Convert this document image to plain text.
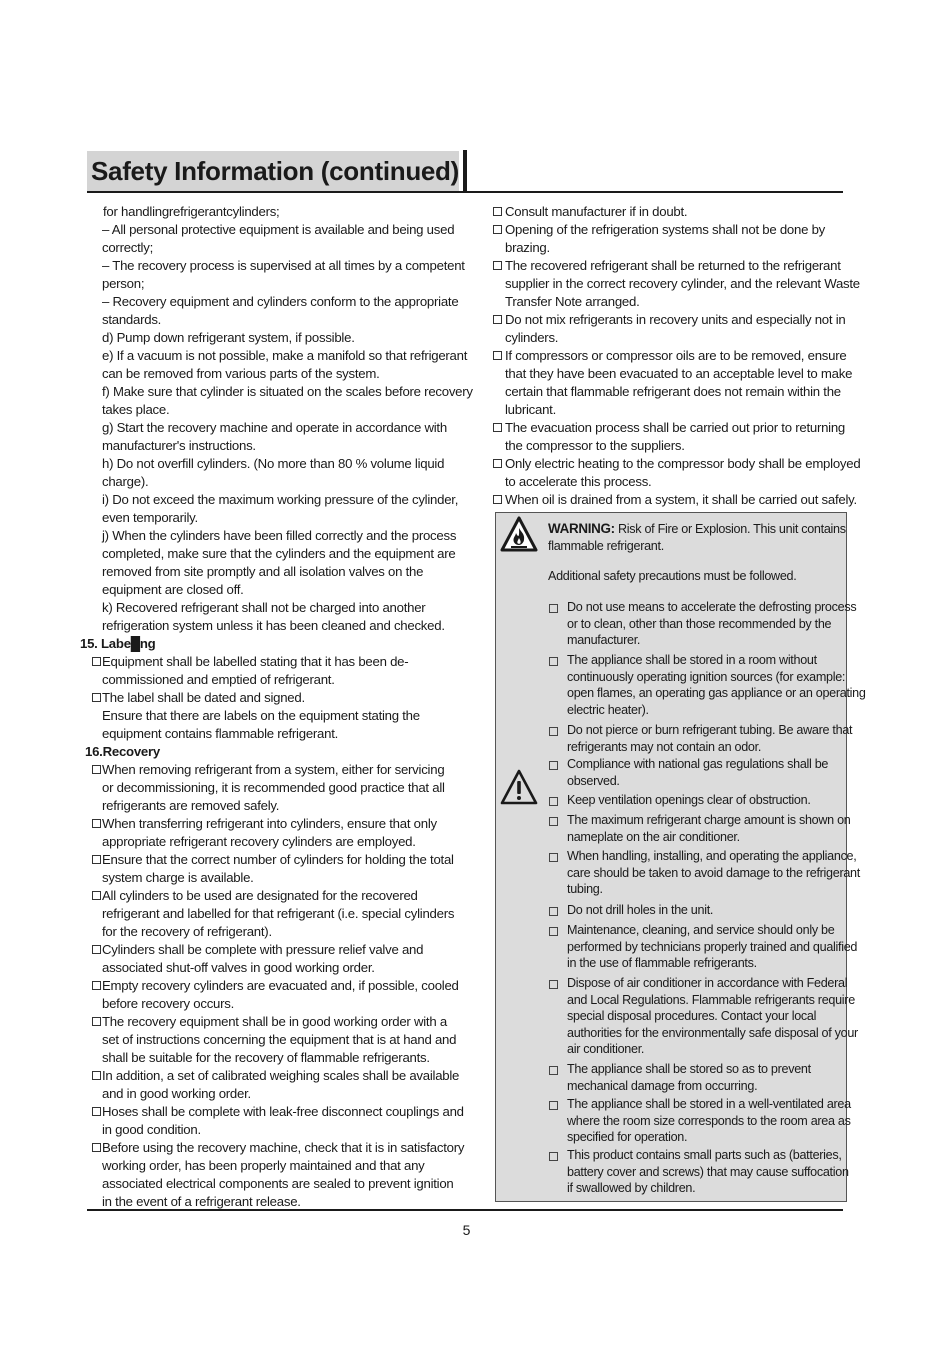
Safety Information (continued)
for handlingrefrigerantcylinders;
– All personal protective equipment is available and being used
correctly;
– The recovery process is supervised at all times by a competent
person;
– Recovery equipment and cylinders conform to the appropriate
standards.
d) Pump down refrigerant system, if possible.
e) If a vacuum is not possible, make a manifold so that refrigerant
can be removed from various parts of the system.
f) Make sure that cylinder is situated on the scales before recovery
takes place.
g) Start the recovery machine and operate in accordance with
manufacturer's instructions.
h) Do not overfill cylinders. (No more than 80 % volume liquid
charge).
i) Do not exceed the maximum working pressure of the cylinder,
even temporarily.
j) When the cylinders have been filled correctly and the process
completed, make sure that the cylinders and the equipment are
removed from site promptly and all isolation valves on the
equipment are closed off.
k) Recovered refrigerant shall not be charged into another
refrigeration system unless it has been cleaned and checked.
15. Labe█ng
Equipment shall be labelled stating that it has been de-
commissioned and emptied of refrigerant.
The label shall be dated and signed.
Ensure that there are labels on the equipment stating the
equipment contains flammable refrigerant.
16.Recovery
When removing refrigerant from a system, either for servicing
or decommissioning, it is recommended good practice that all
refrigerants are removed safely.
When transferring refrigerant into cylinders, ensure that only
appropriate refrigerant recovery cylinders are employed.
Ensure that the correct number of cylinders for holding the total
system charge is available.
All cylinders to be used are designated for the recovered
refrigerant and labelled for that refrigerant (i.e. special cylinders
for the recovery of refrigerant).
Cylinders shall be complete with pressure relief valve and
associated shut-off valves in good working order.
Empty recovery cylinders are evacuated and, if possible, cooled
before recovery occurs.
The recovery equipment shall be in good working order with a
set of instructions concerning the equipment that is at hand and
shall be suitable for the recovery of flammable refrigerants.
In addition, a set of calibrated weighing scales shall be available
and in good working order.
Hoses shall be complete with leak-free disconnect couplings and
in good condition.
Before using the recovery machine, check that it is in satisfactory
working order, has been properly maintained and that any
associated electrical components are sealed to prevent ignition
in the event of a refrigerant release.
Consult manufacturer if in doubt.
Opening of the refrigeration systems shall not be done by
brazing.
The recovered refrigerant shall be returned to the refrigerant
supplier in the correct recovery cylinder, and the relevant Waste
Transfer Note arranged.
Do not mix refrigerants in recovery units and especially not in
cylinders.
If compressors or compressor oils are to be removed, ensure
that they have been evacuated to an acceptable level to make
certain that flammable refrigerant does not remain within the
lubricant.
The evacuation process shall be carried out prior to returning
the compressor to the suppliers.
Only electric heating to the compressor body shall be employed
to accelerate this process.
When oil is drained from a system, it shall be carried out safely.
WARNING: Risk of Fire or Explosion. This unit contains
flammable refrigerant.
Additional safety precautions must be followed.
Do not use means to accelerate the defrosting process
or to clean, other than those recommended by the
manufacturer.
The appliance shall be stored in a room without
continuously operating ignition sources (for example:
open flames, an operating gas appliance or an operating
electric heater).
Do not pierce or burn refrigerant tubing. Be aware that
refrigerants may not contain an odor.
Compliance with national gas regulations shall be
observed.
Keep ventilation openings clear of obstruction.
The maximum refrigerant charge amount is shown on
nameplate on the air conditioner.
When handling, installing, and operating the appliance,
care should be taken to avoid damage to the refrigerant
tubing.
Do not drill holes in the unit.
Maintenance, cleaning, and service should only be
performed by technicians properly trained and qualified
in the use of flammable refrigerants.
Dispose of air conditioner in accordance with Federal
and Local Regulations. Flammable refrigerants require
special disposal procedures. Contact your local
authorities for the environmentally safe disposal of your
air conditioner.
The appliance shall be stored so as to prevent
mechanical damage from occurring.
The appliance shall be stored in a well-ventilated area
where the room size corresponds to the room area as
specified for operation.
This product contains small parts such as (batteries,
battery cover and screws) that may cause suffocation
if swallowed by children.
5
